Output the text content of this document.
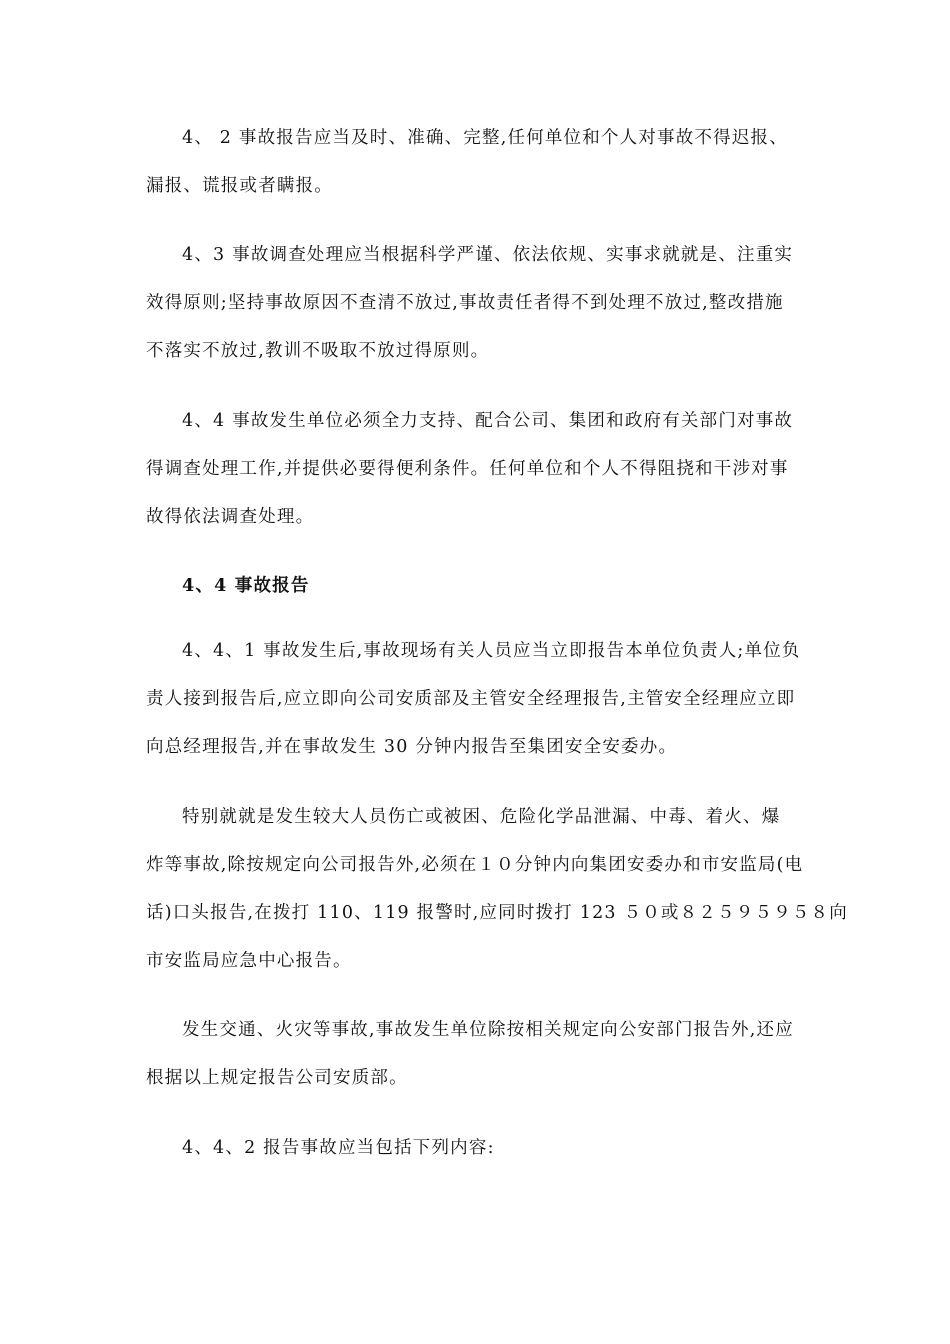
4、 2 事故报告应当及时、准确、完整,任何单位和个人对事故不得迟报、
漏报、谎报或者瞒报。
4、3 事故调查处理应当根据科学严谨、依法依规、实事求就就是、注重实
效得原则;坚持事故原因不查清不放过,事故责任者得不到处理不放过,整改措施
不落实不放过,教训不吸取不放过得原则。
4、4 事故发生单位必须全力支持、配合公司、集团和政府有关部门对事故
得调查处理工作,并提供必要得便利条件。任何单位和个人不得阻挠和干涉对事
故得依法调查处理。
4、4 事故报告
4、4、1 事故发生后,事故现场有关人员应当立即报告本单位负责人;单位负
责人接到报告后,应立即向公司安质部及主管安全经理报告,主管安全经理应立即
向总经理报告,并在事故发生 30 分钟内报告至集团安全安委办。
特别就就是发生较大人员伤亡或被困、危险化学品泄漏、中毒、着火、爆
炸等事故,除按规定向公司报告外,必须在１０分钟内向集团安委办和市安监局(电
话)口头报告,在拨打 110、119 报警时,应同时拨打 123 ５０或８２５９５９５８向
市安监局应急中心报告。
发生交通、火灾等事故,事故发生单位除按相关规定向公安部门报告外,还应
根据以上规定报告公司安质部。
4、4、2 报告事故应当包括下列内容:
